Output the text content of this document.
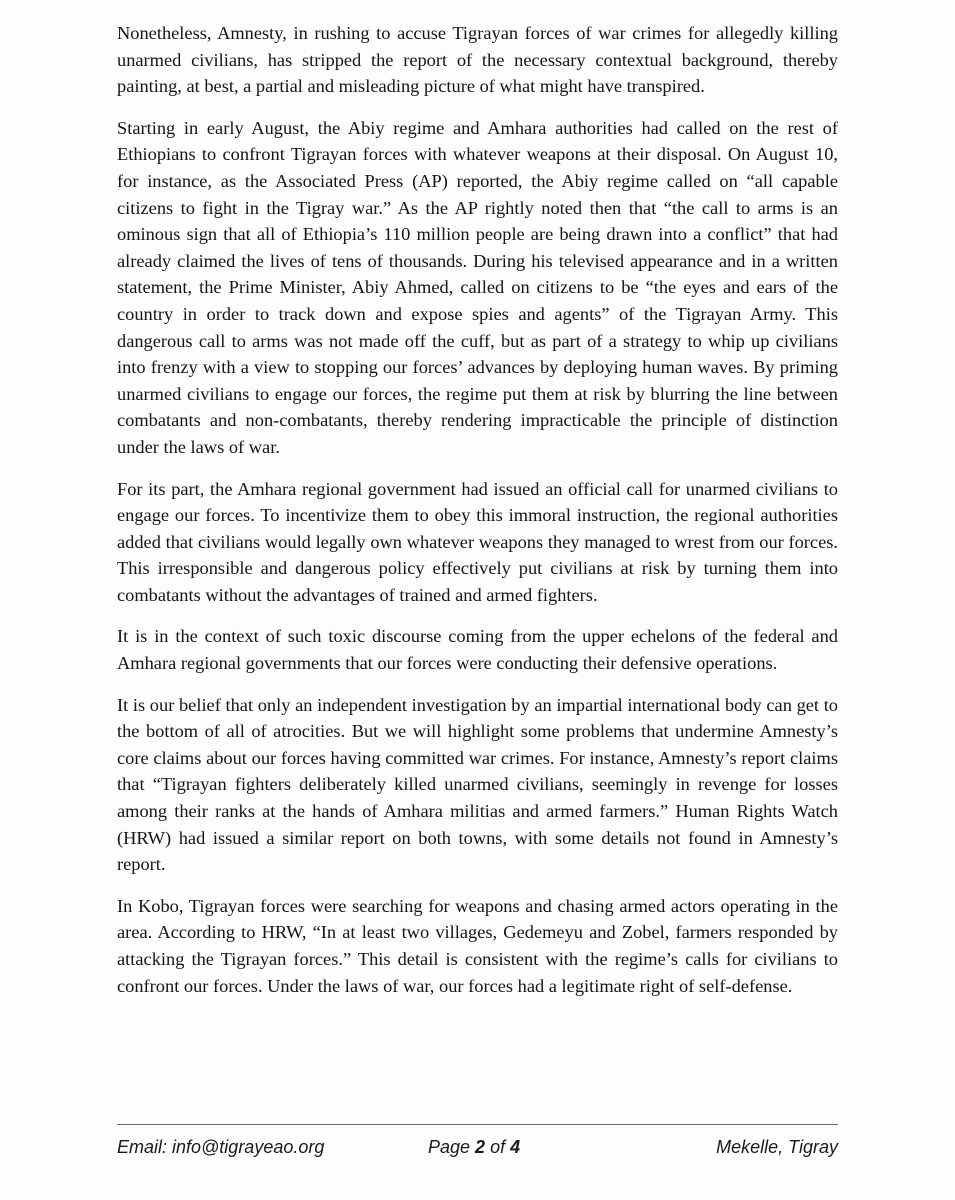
Nonetheless, Amnesty, in rushing to accuse Tigrayan forces of war crimes for allegedly killing unarmed civilians, has stripped the report of the necessary contextual background, thereby painting, at best, a partial and misleading picture of what might have transpired.

Starting in early August, the Abiy regime and Amhara authorities had called on the rest of Ethiopians to confront Tigrayan forces with whatever weapons at their disposal. On August 10, for instance, as the Associated Press (AP) reported, the Abiy regime called on “all capable citizens to fight in the Tigray war.” As the AP rightly noted then that “the call to arms is an ominous sign that all of Ethiopia’s 110 million people are being drawn into a conflict” that had already claimed the lives of tens of thousands. During his televised appearance and in a written statement, the Prime Minister, Abiy Ahmed, called on citizens to be “the eyes and ears of the country in order to track down and expose spies and agents” of the Tigrayan Army. This dangerous call to arms was not made off the cuff, but as part of a strategy to whip up civilians into frenzy with a view to stopping our forces’ advances by deploying human waves. By priming unarmed civilians to engage our forces, the regime put them at risk by blurring the line between combatants and non-combatants, thereby rendering impracticable the principle of distinction under the laws of war.

For its part, the Amhara regional government had issued an official call for unarmed civilians to engage our forces. To incentivize them to obey this immoral instruction, the regional authorities added that civilians would legally own whatever weapons they managed to wrest from our forces. This irresponsible and dangerous policy effectively put civilians at risk by turning them into combatants without the advantages of trained and armed fighters.

It is in the context of such toxic discourse coming from the upper echelons of the federal and Amhara regional governments that our forces were conducting their defensive operations.

It is our belief that only an independent investigation by an impartial international body can get to the bottom of all of atrocities. But we will highlight some problems that undermine Amnesty’s core claims about our forces having committed war crimes. For instance, Amnesty’s report claims that “Tigrayan fighters deliberately killed unarmed civilians, seemingly in revenge for losses among their ranks at the hands of Amhara militias and armed farmers.” Human Rights Watch (HRW) had issued a similar report on both towns, with some details not found in Amnesty’s report.

In Kobo, Tigrayan forces were searching for weapons and chasing armed actors operating in the area. According to HRW, “In at least two villages, Gedemeyu and Zobel, farmers responded by attacking the Tigrayan forces.” This detail is consistent with the regime’s calls for civilians to confront our forces. Under the laws of war, our forces had a legitimate right of self-defense.

Email: info@tigrayeao.org	Page 2 of 4	Mekelle, Tigray
